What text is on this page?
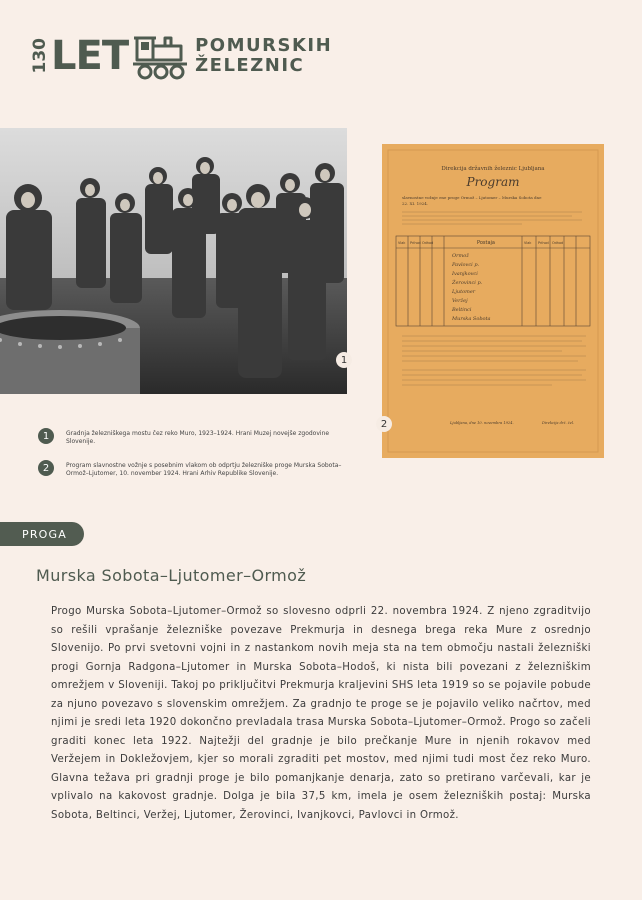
130 LET	POMURSKIH
ŽELEZNIC
1
Direkcija državnih železnic Ljubljana
Program
slavnostne vožnje ene proge Ormož – Ljutomer – Murska Sobota dne
22. XI. 1924.
Vlak Prihod Odhod	Postaja	Vlak Prihod Odhod
Ormož
Pavlovci p.
Ivanjkovci
Žerovinci p.
Ljutomer
Veržej
Beltinci
Murska Sobota
Ljubljana, dne 10. novembra 1924.	Direkcija drž. žel.
2
1	Gradnja železniškega mostu čez reko Muro, 1923–1924. Hrani Muzej novejše zgodovine Slovenije.
2	Program slavnostne vožnje s posebnim vlakom ob odprtju železniške proge Murska Sobota–Ormož–Ljutomer, 10. november 1924. Hrani Arhiv Republike Slovenije.
PROGA
Murska Sobota–Ljutomer–Ormož
Progo Murska Sobota–Ljutomer–Ormož so slovesno odprli 22. novembra 1924. Z njeno zgraditvijo so rešili vprašanje železniške povezave Prekmurja in desnega brega reka Mure z osrednjo Slovenijo. Po prvi svetovni vojni in z nastankom novih meja sta na tem območju nastali železniški progi Gornja Radgona–Ljutomer in Murska Sobota–Hodoš, ki nista bili povezani z železniškim omrežjem v Sloveniji. Takoj po priključitvi Prekmurja kraljevini SHS leta 1919 so se pojavile pobude za njuno povezavo s slovenskim omrežjem. Za gradnjo te proge se je pojavilo veliko načrtov, med njimi je sredi leta 1920 dokončno prevladala trasa Murska Sobota–Ljutomer–Ormož. Progo so začeli graditi konec leta 1922. Najtežji del gradnje je bilo prečkanje Mure in njenih rokavov med Veržejem in Dokležovjem, kjer so morali zgraditi pet mostov, med njimi tudi most čez reko Muro. Glavna težava pri gradnji proge je bilo pomanjkanje denarja, zato so pretirano varčevali, kar je vplivalo na kakovost gradnje. Dolga je bila 37,5 km, imela je osem železniških postaj: Murska Sobota, Beltinci, Veržej, Ljutomer, Žerovinci, Ivanjkovci, Pavlovci in Ormož.
